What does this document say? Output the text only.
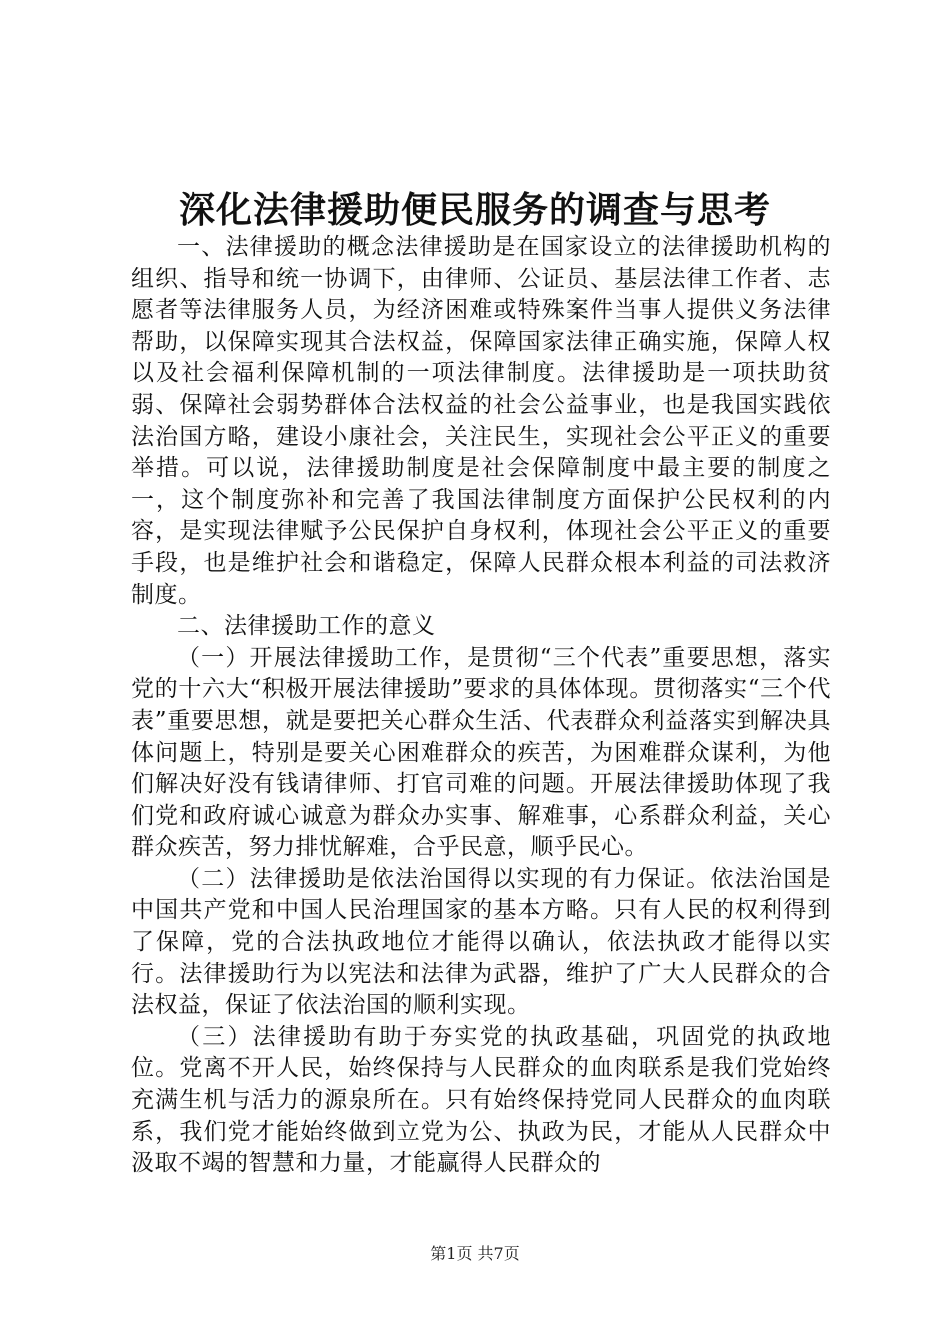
深化法律援助便民服务的调查与思考

一、法律援助的概念法律援助是在国家设立的法律援助机构的组织、指导和统一协调下，由律师、公证员、基层法律工作者、志愿者等法律服务人员，为经济困难或特殊案件当事人提供义务法律帮助，以保障实现其合法权益，保障国家法律正确实施，保障人权以及社会福利保障机制的一项法律制度。法律援助是一项扶助贫弱、保障社会弱势群体合法权益的社会公益事业，也是我国实践依法治国方略，建设小康社会，关注民生，实现社会公平正义的重要举措。可以说，法律援助制度是社会保障制度中最主要的制度之一，这个制度弥补和完善了我国法律制度方面保护公民权利的内容，是实现法律赋予公民保护自身权利，体现社会公平正义的重要手段，也是维护社会和谐稳定，保障人民群众根本利益的司法救济制度。

二、法律援助工作的意义

（一）开展法律援助工作，是贯彻“三个代表”重要思想，落实党的十六大“积极开展法律援助”要求的具体体现。贯彻落实“三个代表”重要思想，就是要把关心群众生活、代表群众利益落实到解决具体问题上，特别是要关心困难群众的疾苦，为困难群众谋利，为他们解决好没有钱请律师、打官司难的问题。开展法律援助体现了我们党和政府诚心诚意为群众办实事、解难事，心系群众利益，关心群众疾苦，努力排忧解难，合乎民意，顺乎民心。

（二）法律援助是依法治国得以实现的有力保证。依法治国是中国共产党和中国人民治理国家的基本方略。只有人民的权利得到了保障，党的合法执政地位才能得以确认，依法执政才能得以实行。法律援助行为以宪法和法律为武器，维护了广大人民群众的合法权益，保证了依法治国的顺利实现。

（三）法律援助有助于夯实党的执政基础，巩固党的执政地位。党离不开人民，始终保持与人民群众的血肉联系是我们党始终充满生机与活力的源泉所在。只有始终保持党同人民群众的血肉联系，我们党才能始终做到立党为公、执政为民，才能从人民群众中汲取不竭的智慧和力量，才能赢得人民群众的

第1页 共7页
